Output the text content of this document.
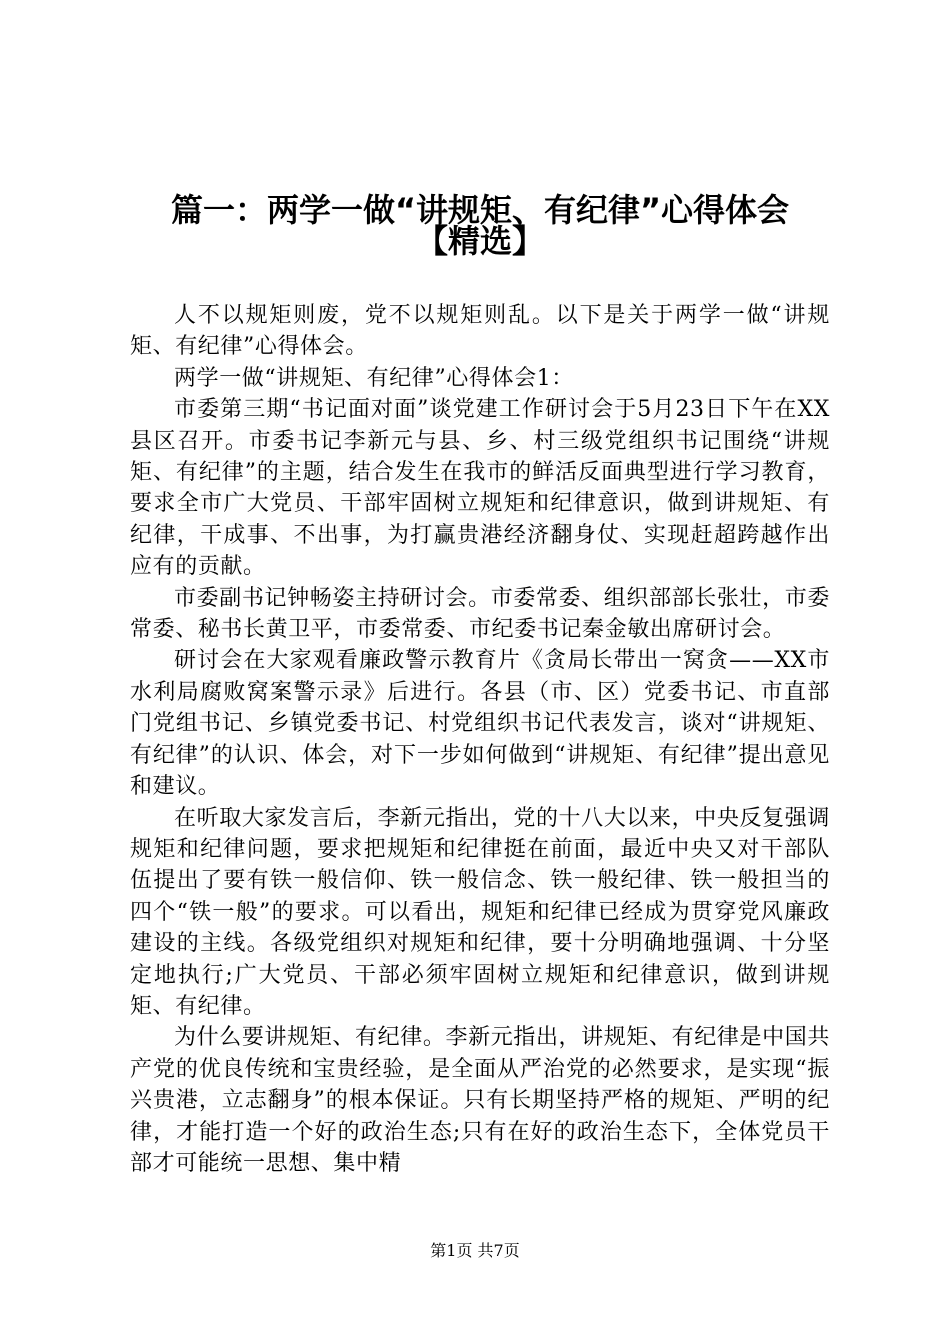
篇一：两学一做“讲规矩、有纪律”心得体会
【精选】

人不以规矩则废，党不以规矩则乱。以下是关于两学一做“讲规矩、有纪律”心得体会。

两学一做“讲规矩、有纪律”心得体会1：

市委第三期“书记面对面”谈党建工作研讨会于5月23日下午在XX县区召开。市委书记李新元与县、乡、村三级党组织书记围绕“讲规矩、有纪律”的主题，结合发生在我市的鲜活反面典型进行学习教育，要求全市广大党员、干部牢固树立规矩和纪律意识，做到讲规矩、有纪律，干成事、不出事，为打赢贵港经济翻身仗、实现赶超跨越作出应有的贡献。

市委副书记钟畅姿主持研讨会。市委常委、组织部部长张壮，市委常委、秘书长黄卫平，市委常委、市纪委书记秦金敏出席研讨会。

研讨会在大家观看廉政警示教育片《贪局长带出一窝贪——XX市水利局腐败窝案警示录》后进行。各县（市、区）党委书记、市直部门党组书记、乡镇党委书记、村党组织书记代表发言，谈对“讲规矩、有纪律”的认识、体会，对下一步如何做到“讲规矩、有纪律”提出意见和建议。

在听取大家发言后，李新元指出，党的十八大以来，中央反复强调规矩和纪律问题，要求把规矩和纪律挺在前面，最近中央又对干部队伍提出了要有铁一般信仰、铁一般信念、铁一般纪律、铁一般担当的四个“铁一般”的要求。可以看出，规矩和纪律已经成为贯穿党风廉政建设的主线。各级党组织对规矩和纪律，要十分明确地强调、十分坚定地执行;广大党员、干部必须牢固树立规矩和纪律意识，做到讲规矩、有纪律。

为什么要讲规矩、有纪律。李新元指出，讲规矩、有纪律是中国共产党的优良传统和宝贵经验，是全面从严治党的必然要求，是实现“振兴贵港，立志翻身”的根本保证。只有长期坚持严格的规矩、严明的纪律，才能打造一个好的政治生态;只有在好的政治生态下，全体党员干部才可能统一思想、集中精

第1页 共7页
